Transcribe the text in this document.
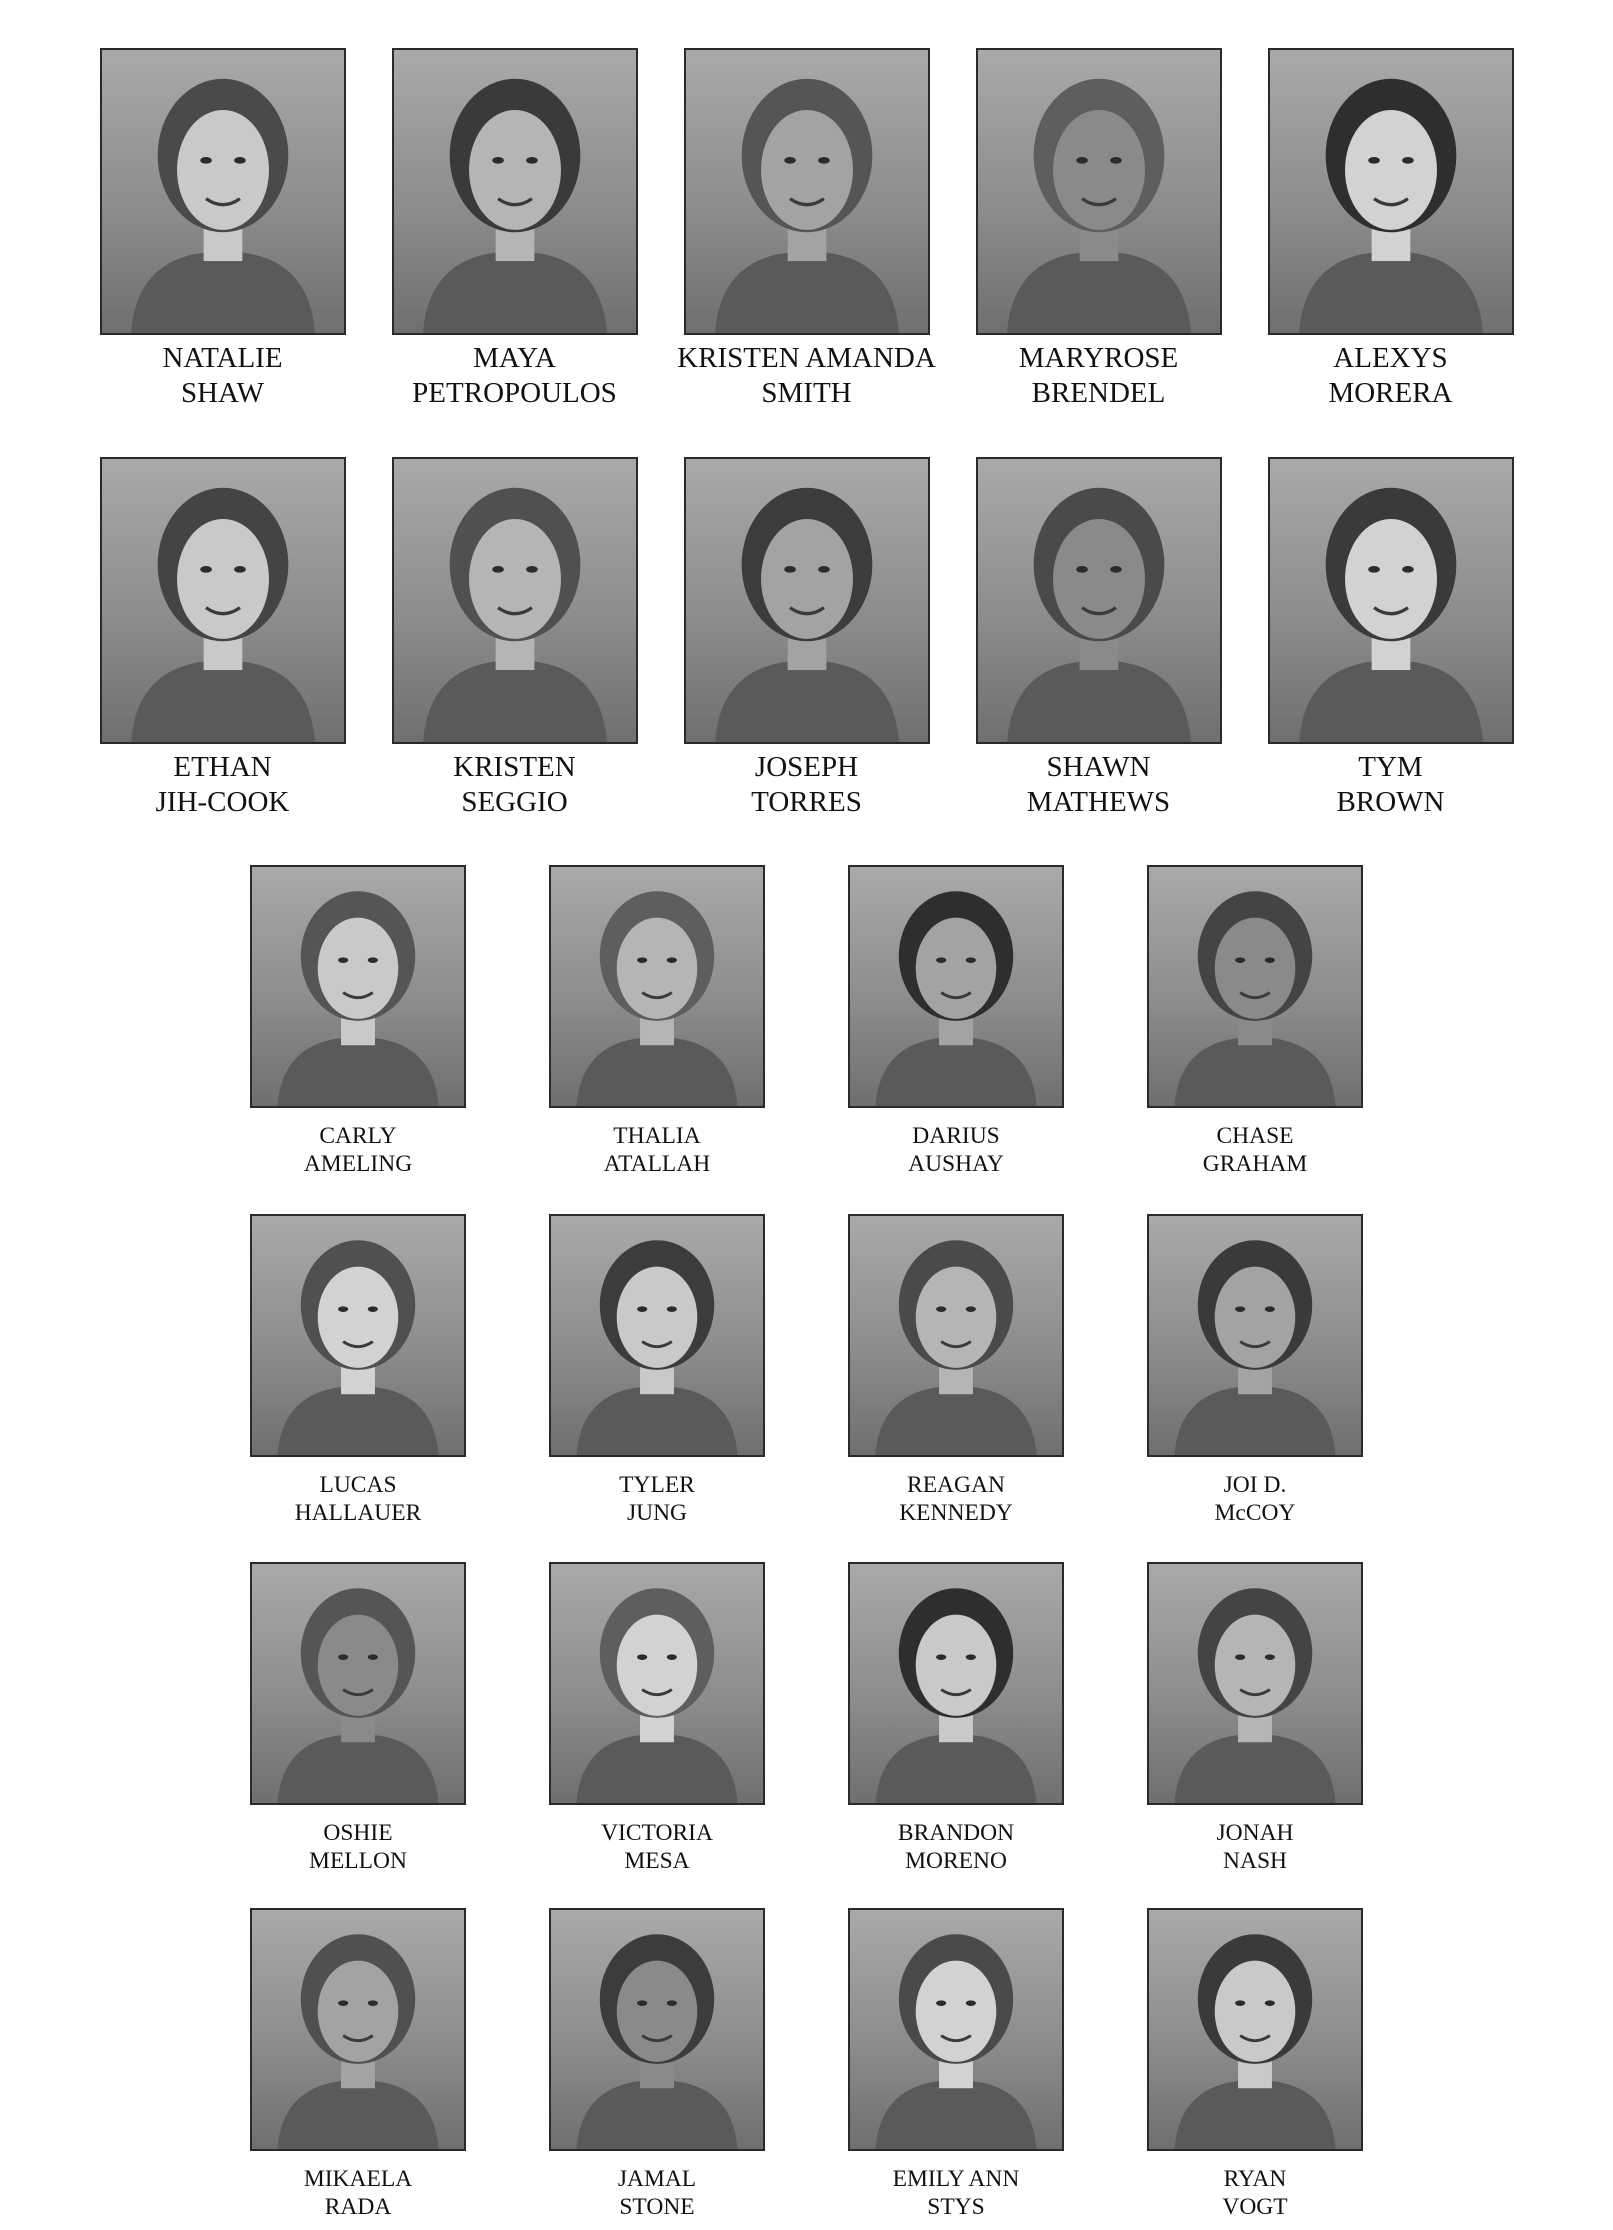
NATALIE
SHAW
MAYA
PETROPOULOS
KRISTEN AMANDA
SMITH
MARYROSE
BRENDEL
ALEXYS
MORERA
ETHAN
JIH-COOK
KRISTEN
SEGGIO
JOSEPH
TORRES
SHAWN
MATHEWS
TYM
BROWN
CARLY
AMELING
THALIA
ATALLAH
DARIUS
AUSHAY
CHASE
GRAHAM
LUCAS
HALLAUER
TYLER
JUNG
REAGAN
KENNEDY
JOI D.
McCOY
OSHIE
MELLON
VICTORIA
MESA
BRANDON
MORENO
JONAH
NASH
MIKAELA
RADA
JAMAL
STONE
EMILY ANN
STYS
RYAN
VOGT
